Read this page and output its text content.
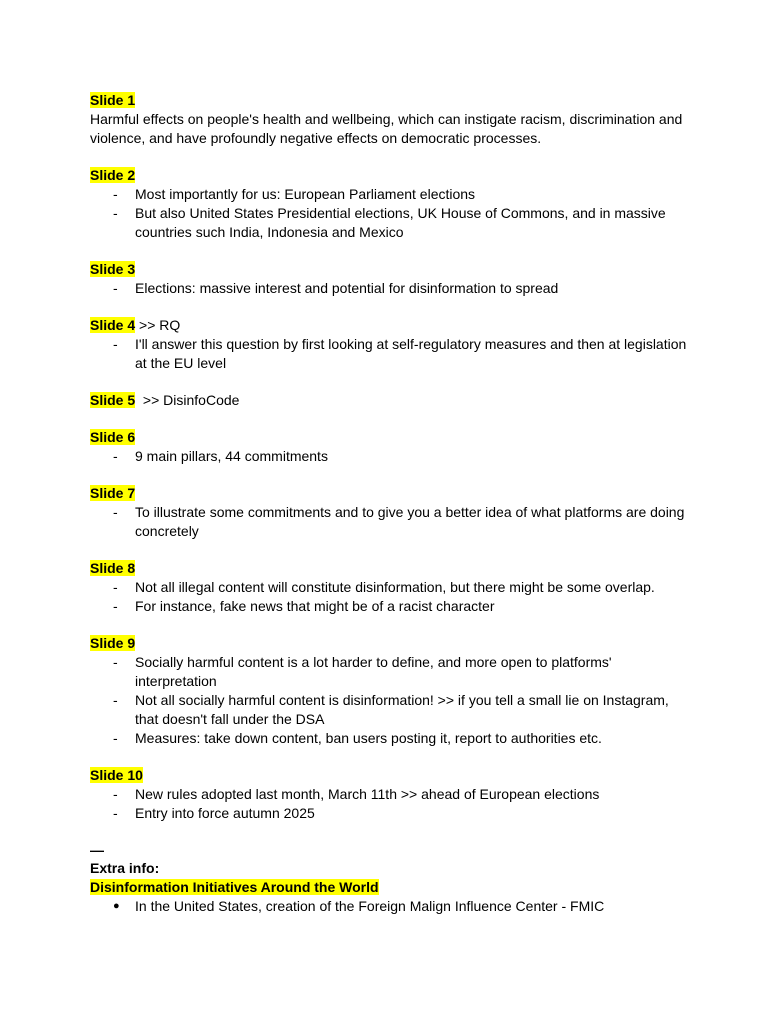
Slide 1

Harmful effects on people's health and wellbeing, which can instigate racism, discrimination and violence, and have profoundly negative effects on democratic processes.

Slide 2
- Most importantly for us: European Parliament elections
- But also United States Presidential elections, UK House of Commons, and in massive countries such India, Indonesia and Mexico
Slide 3
- Elections: massive interest and potential for disinformation to spread
Slide 4 >> RQ
- I'll answer this question by first looking at self-regulatory measures and then at legislation at the EU level
Slide 5  >> DisinfoCode
Slide 6
- 9 main pillars, 44 commitments
Slide 7
- To illustrate some commitments and to give you a better idea of what platforms are doing concretely
Slide 8
- Not all illegal content will constitute disinformation, but there might be some overlap.
- For instance, fake news that might be of a racist character
Slide 9
- Socially harmful content is a lot harder to define, and more open to platforms' interpretation
- Not all socially harmful content is disinformation! >> if you tell a small lie on Instagram, that doesn't fall under the DSA
- Measures: take down content, ban users posting it, report to authorities etc.
Slide 10
- New rules adopted last month, March 11th >> ahead of European elections
- Entry into force autumn 2025
—
Extra info:
Disinformation Initiatives Around the World
● In the United States, creation of the Foreign Malign Influence Center - FMIC
